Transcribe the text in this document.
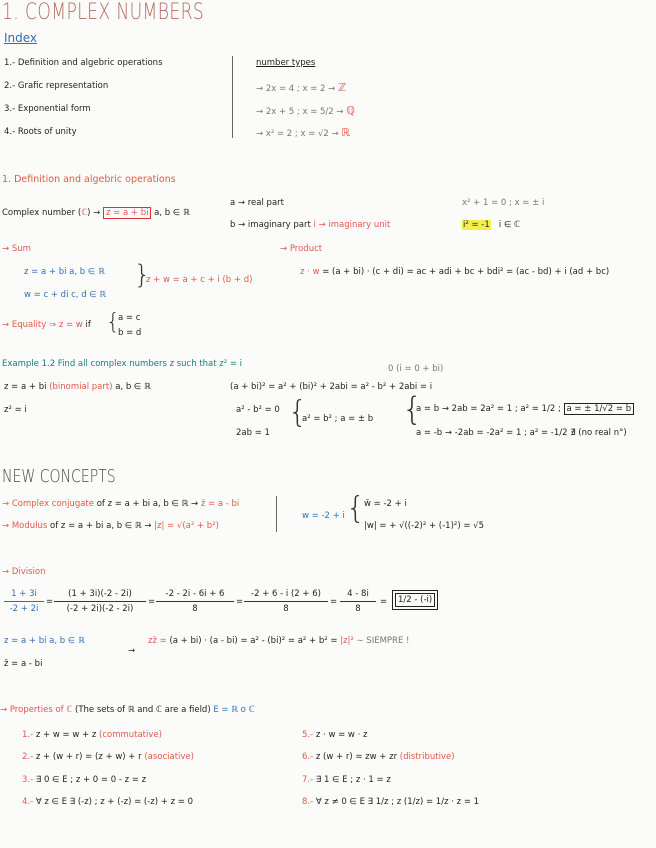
1. COMPLEX NUMBERS
Index
1.- Definition and algebric operations
2.- Grafic representation
3.- Exponential form
4.- Roots of unity
number types
→ 2x = 4 ; x = 2 → ℤ
→ 2x + 5 ; x = 5/2 → ℚ
→ x² = 2 ; x = √2 → ℝ
1. Definition and algebric operations
Complex number (ℂ) → z = a + bi a, b ∈ ℝ
a → real part
b → imaginary part i → imaginary unit
x² + 1 = 0 ; x = ± i
i² = -1 i ∈ ℂ
→ Sum
z = a + bi a, b ∈ ℝ
w = c + di c, d ∈ ℝ
}
z + w = a + c + i (b + d)
→ Product
z · w = (a + bi) · (c + di) = ac + adi + bc + bdi² = (ac - bd) + i (ad + bc)
→ Equality ⇒ z = w if {
a = c
b = d
Example 1.2 Find all complex numbers z such that z² = i	0 (i = 0 + bi)
z = a + bi (binomial part) a, b ∈ ℝ
z² = i
(a + bi)² = a² + (bi)² + 2abi = a² - b² + 2abi = i
a² - b² = 0
2ab = 1
{
a² = b² ; a = ± b {
a = b → 2ab = 2a² = 1 ; a² = 1/2 ; a = ± 1/√2 = b
a = -b → -2ab = -2a² = 1 ; a² = -1/2 ∄ (no real n°)
NEW CONCEPTS
→ Complex conjugate of z = a + bi a, b ∈ ℝ → z̄ = a - bi
→ Modulus of z = a + bi a, b ∈ ℝ → |z| = √(a² + b²)
w = -2 + i {
w̄ = -2 + i
|w| = + √((-2)² + (-1)²) = √5
→ Division
$\frac{1 + 3i}{-2 + 2i} = \frac{(1 + 3i)(-2 - 2i)}{(-2 + 2i)(-2 - 2i)} = \frac{-2 - 2i - 6i + 6}{8} = \frac{-2 + 6 - i (2 + 6)}{8} = \frac{4 - 8i}{8}$ =	1/2 - (-i)
z = a + bi a, b ∈ ℝ
z̄ = a - bi
→
zz̄ = (a + bi) · (a - bi) = a² - (bi)² = a² + b² = |z|² ∼ SIEMPRE !
→ Properties of ℂ (The sets of ℝ and ℂ are a field) E = ℝ o ℂ
1.- z + w = w + z (commutative)
2.- z + (w + r) = (z + w) + r (asociative)
3.- ∃ 0 ∈ E ; z + 0 = 0 - z = z
4.- ∀ z ∈ E ∃ (-z) ; z + (-z) = (-z) + z = 0
5.- z · w = w · z
6.- z (w + r) = zw + zr (distributive)
7.- ∃ 1 ∈ E ; z · 1 = z
8.- ∀ z ≠ 0 ∈ E ∃ 1/z ; z (1/z) = 1/z · z = 1
